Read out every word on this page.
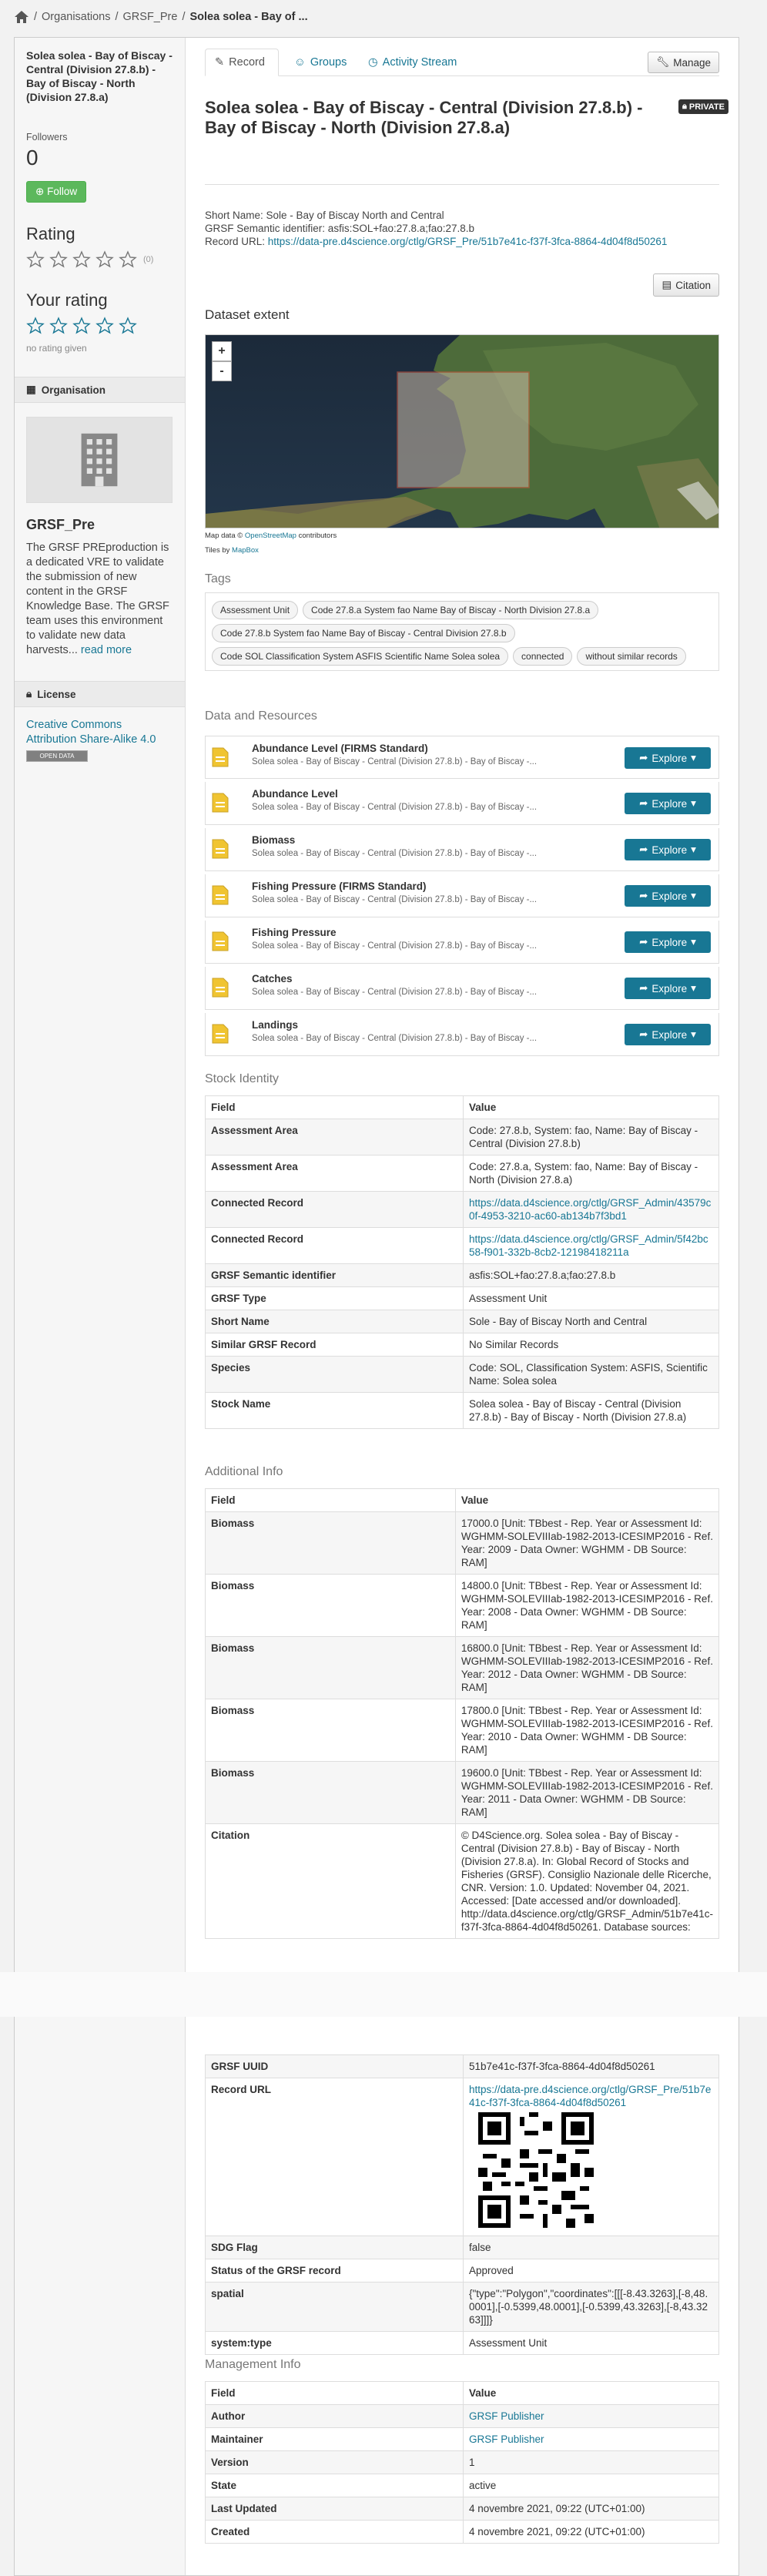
/ Organisations / GRSF_Pre / Solea solea - Bay of ...
Solea solea - Bay of Biscay - Central (Division 27.8.b) - Bay of Biscay - North (Division 27.8.a)
Followers
0
⊕ Follow
Rating
(0)
Your rating
no rating given
▦ Organisation
GRSF_Pre
The GRSF PREproduction is a dedicated VRE to validate the submission of new content in the GRSF Knowledge Base. The GRSF team uses this environment to validate new data harvests... read more
🔒︎ License
Creative Commons Attribution Share-Alike 4.0
OPEN DATA
✎ Record	☺ Groups ◷ Activity Stream	🔧︎ Manage
Solea solea - Bay of Biscay - Central (Division 27.8.b) - Bay of Biscay - North (Division 27.8.a)
🔒︎ PRIVATE
Short Name: Sole - Bay of Biscay North and Central
GRSF Semantic identifier: asfis:SOL+fao:27.8.a;fao:27.8.b
Record URL: https://data-pre.d4science.org/ctlg/GRSF_Pre/51b7e41c-f37f-3fca-8864-4d04f8d50261
▤ Citation
Dataset extent
+
-
Map data © OpenStreetMap contributors
Tiles by MapBox
Tags
Assessment Unit	Code 27.8.a System fao Name Bay of Biscay - North Division 27.8.a
Code 27.8.b System fao Name Bay of Biscay - Central Division 27.8.b
Code SOL Classification System ASFIS Scientific Name Solea solea	connected	without similar records
Data and Resources
Abundance Level (FIRMS Standard)
Solea solea - Bay of Biscay - Central (Division 27.8.b) - Bay of Biscay -...	➦ Explore ▾
Abundance Level
Solea solea - Bay of Biscay - Central (Division 27.8.b) - Bay of Biscay -...	➦ Explore ▾
Biomass
Solea solea - Bay of Biscay - Central (Division 27.8.b) - Bay of Biscay -...	➦ Explore ▾
Fishing Pressure (FIRMS Standard)
Solea solea - Bay of Biscay - Central (Division 27.8.b) - Bay of Biscay -...	➦ Explore ▾
Fishing Pressure
Solea solea - Bay of Biscay - Central (Division 27.8.b) - Bay of Biscay -...	➦ Explore ▾
Catches
Solea solea - Bay of Biscay - Central (Division 27.8.b) - Bay of Biscay -...	➦ Explore ▾
Landings
Solea solea - Bay of Biscay - Central (Division 27.8.b) - Bay of Biscay -...	➦ Explore ▾
Stock Identity
Field	Value
Assessment Area	Code: 27.8.b, System: fao, Name: Bay of Biscay - Central (Division 27.8.b)
Assessment Area	Code: 27.8.a, System: fao, Name: Bay of Biscay - North (Division 27.8.a)
Connected Record	https://data.d4science.org/ctlg/GRSF_Admin/43579c0f-4953-3210-ac60-ab134b7f3bd1
Connected Record	https://data.d4science.org/ctlg/GRSF_Admin/5f42bc58-f901-332b-8cb2-12198418211a
GRSF Semantic identifier	asfis:SOL+fao:27.8.a;fao:27.8.b
GRSF Type	Assessment Unit
Short Name	Sole - Bay of Biscay North and Central
Similar GRSF Record	No Similar Records
Species	Code: SOL, Classification System: ASFIS, Scientific Name: Solea solea
Stock Name	Solea solea - Bay of Biscay - Central (Division 27.8.b) - Bay of Biscay - North (Division 27.8.a)
Additional Info
Field	Value
Biomass	17000.0 [Unit: TBbest - Rep. Year or Assessment Id: WGHMM-SOLEVIIIab-1982-2013-ICESIMP2016 - Ref. Year: 2009 - Data Owner: WGHMM - DB Source: RAM]
Biomass	14800.0 [Unit: TBbest - Rep. Year or Assessment Id: WGHMM-SOLEVIIIab-1982-2013-ICESIMP2016 - Ref. Year: 2008 - Data Owner: WGHMM - DB Source: RAM]
Biomass	16800.0 [Unit: TBbest - Rep. Year or Assessment Id: WGHMM-SOLEVIIIab-1982-2013-ICESIMP2016 - Ref. Year: 2012 - Data Owner: WGHMM - DB Source: RAM]
Biomass	17800.0 [Unit: TBbest - Rep. Year or Assessment Id: WGHMM-SOLEVIIIab-1982-2013-ICESIMP2016 - Ref. Year: 2010 - Data Owner: WGHMM - DB Source: RAM]
Biomass	19600.0 [Unit: TBbest - Rep. Year or Assessment Id: WGHMM-SOLEVIIIab-1982-2013-ICESIMP2016 - Ref. Year: 2011 - Data Owner: WGHMM - DB Source: RAM]
Citation	© D4Science.org. Solea solea - Bay of Biscay - Central (Division 27.8.b) - Bay of Biscay - North (Division 27.8.a). In: Global Record of Stocks and Fisheries (GRSF). Consiglio Nazionale delle Ricerche, CNR. Version: 1.0. Updated: November 04, 2021. Accessed: [Date accessed and/or downloaded]. http://data.d4science.org/ctlg/GRSF_Admin/51b7e41c-f37f-3fca-8864-4d04f8d50261. Database sources:
GRSF UUID	51b7e41c-f37f-3fca-8864-4d04f8d50261
Record URL	https://data-pre.d4science.org/ctlg/GRSF_Pre/51b7e41c-f37f-3fca-8864-4d04f8d50261

SDG Flag	false
Status of the GRSF record	Approved
spatial	{"type":"Polygon","coordinates":[[[-8.43.3263],[-8,48.0001],[-0.5399,48.0001],[-0.5399,43.3263],[-8,43.3263]]]}
system:type	Assessment Unit
Management Info
Field	Value
Author	GRSF Publisher
Maintainer	GRSF Publisher
Version	1
State	active
Last Updated	4 novembre 2021, 09:22 (UTC+01:00)
Created	4 novembre 2021, 09:22 (UTC+01:00)
